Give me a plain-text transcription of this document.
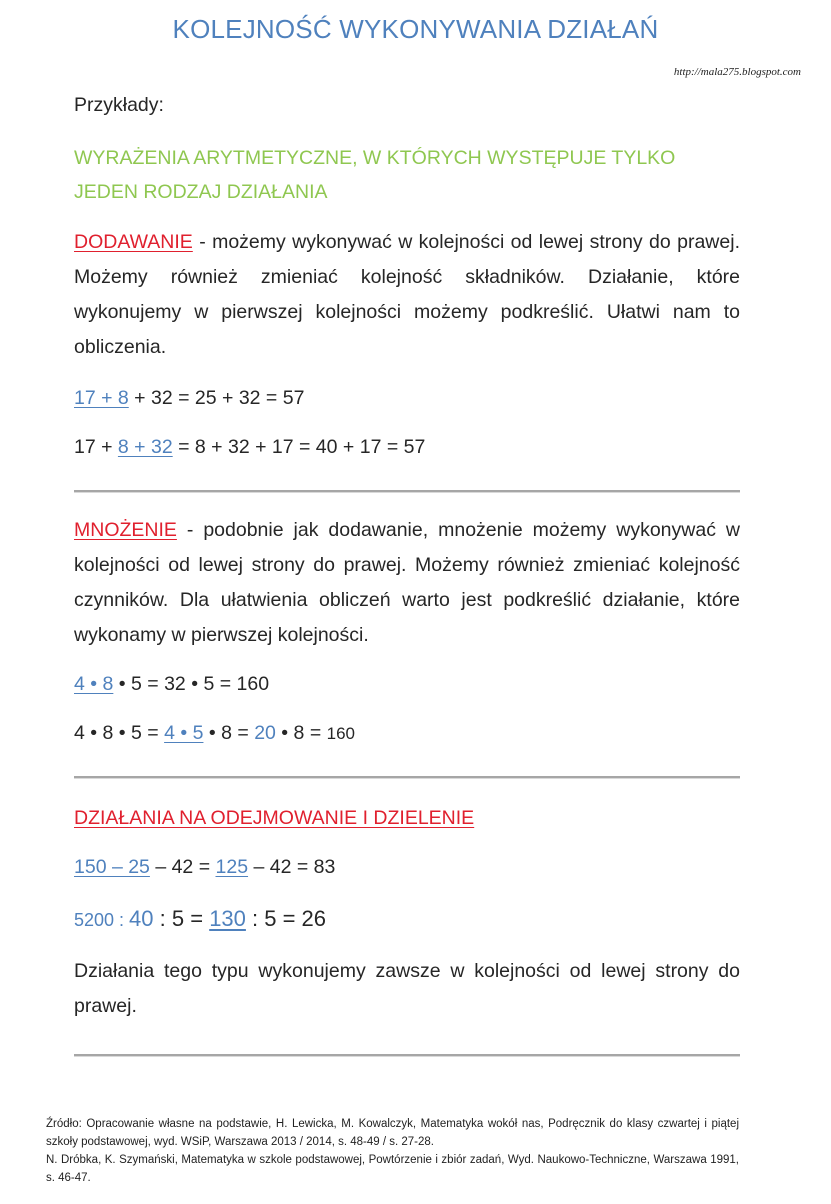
KOLEJNOŚĆ WYKONYWANIA DZIAŁAŃ
http://mala275.blogspot.com

Przykłady:

WYRAŻENIA ARYTMETYCZNE, W KTÓRYCH WYSTĘPUJE TYLKO JEDEN RODZAJ DZIAŁANIA

DODAWANIE - możemy wykonywać w kolejności od lewej strony do prawej. Możemy również zmieniać kolejność składników. Działanie, które wykonujemy w pierwszej kolejności możemy podkreślić. Ułatwi nam to obliczenia.

17 + 8 + 32 = 25 + 32 = 57

17 + 8 + 32 = 8 + 32 + 17 = 40 + 17 = 57

MNOŻENIE - podobnie jak dodawanie, mnożenie możemy wykonywać w kolejności od lewej strony do prawej. Możemy również zmieniać kolejność czynników. Dla ułatwienia obliczeń warto jest podkreślić działanie, które wykonamy w pierwszej kolejności.

4 • 8 • 5 = 32 • 5 = 160

4 • 8 • 5 = 4 • 5 • 8 = 20 • 8 = 160

DZIAŁANIA NA ODEJMOWANIE I DZIELENIE

150 – 25 – 42 = 125 – 42 = 83

5200 : 40 : 5 = 130 : 5 = 26

Działania tego typu wykonujemy zawsze w kolejności od lewej strony do prawej.

Źródło: Opracowanie własne na podstawie, H. Lewicka, M. Kowalczyk, Matematyka wokół nas, Podręcznik do klasy czwartej i piątej szkoły podstawowej, wyd. WSiP, Warszawa 2013 / 2014, s. 48-49 / s. 27-28.

N. Dróbka, K. Szymański, Matematyka w szkole podstawowej, Powtórzenie i zbiór zadań, Wyd. Naukowo-Techniczne, Warszawa 1991, s. 46-47.
